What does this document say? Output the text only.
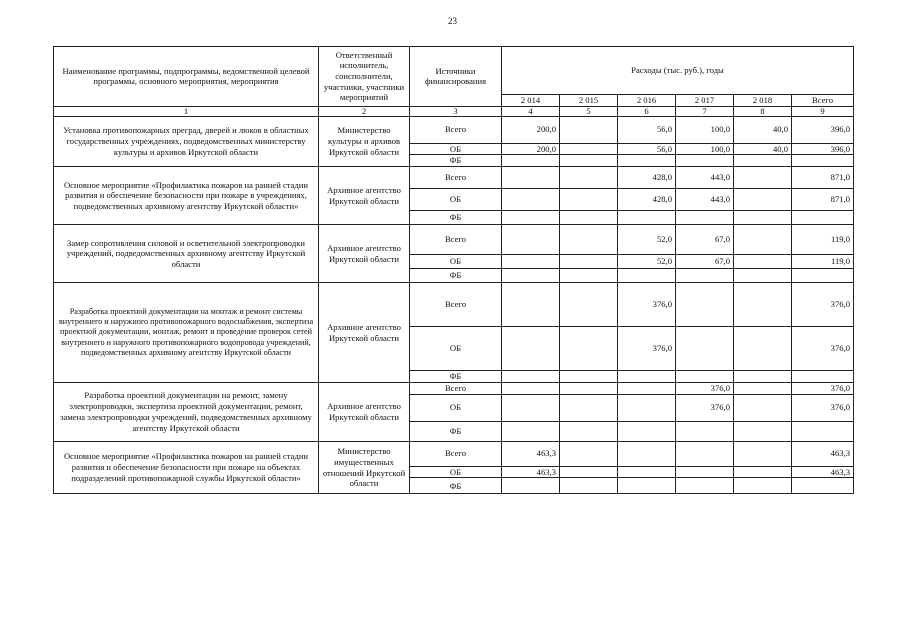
23
Наименование программы, подпрограммы, ведомственной целевой программы, основного мероприятия, мероприятия	Ответственный исполнитель, соисполнители, участники, участники мероприятий	Источники финансирования	Расходы (тыс. руб.), годы					
			2 014	2 015	2 016	2 017	2 018	Всего
1	2	3	4	5	6	7	8	9
Установка противопожарных преград, дверей и люков в областных государственных учреждениях, подведомственных министерству культуры и архивов Иркутской области	Министерство культуры и архивов Иркутской области	Всего	200,0		56,0	100,0	40,0	396,0
		ОБ	200,0		56,0	100,0	40,0	396,0
		ФБ						
Основное мероприятие «Профилактика пожаров на ранней стадии развития и обеспечение безопасности при пожаре в учреждениях, подведомственных архивному агентству Иркутской области»	Архивное агентство Иркутской области	Всего			428,0	443,0		871,0
		ОБ			428,0	443,0		871,0
		ФБ						
Замер сопротивления силовой и осветительной электропроводки учреждений, подведомственных архивному агентству Иркутской области	Архивное агентство Иркутской области	Всего			52,0	67,0		119,0
		ОБ			52,0	67,0		119,0
		ФБ						
Разработка проектной документации на монтаж и ремонт системы внутреннего и наружного противопожарного водоснабжения, экспертиза проектной документации, монтаж, ремонт и проведение проверок сетей внутреннего и наружного противопожарного водопровода учреждений, подведомственных архивному агентству Иркутской области	Архивное агентство Иркутской области	Всего			376,0			376,0
		ОБ			376,0			376,0
		ФБ						
Разработка проектной документации на ремонт, замену электропроводки, экспертиза проектной документации, ремонт, замена электропроводки учреждений, подведомственных архивному агентству Иркутской области	Архивное агентство Иркутской области	Всего				376,0		376,0
		ОБ				376,0		376,0
		ФБ						
Основное мероприятие «Профилактика пожаров на ранней стадии развития и обеспечение безопасности при пожаре на объектах подразделений противопожарной службы Иркутской области»	Министерство имущественных отношений Иркутской области	Всего	463,3					463,3
		ОБ	463,3					463,3
		ФБ						
